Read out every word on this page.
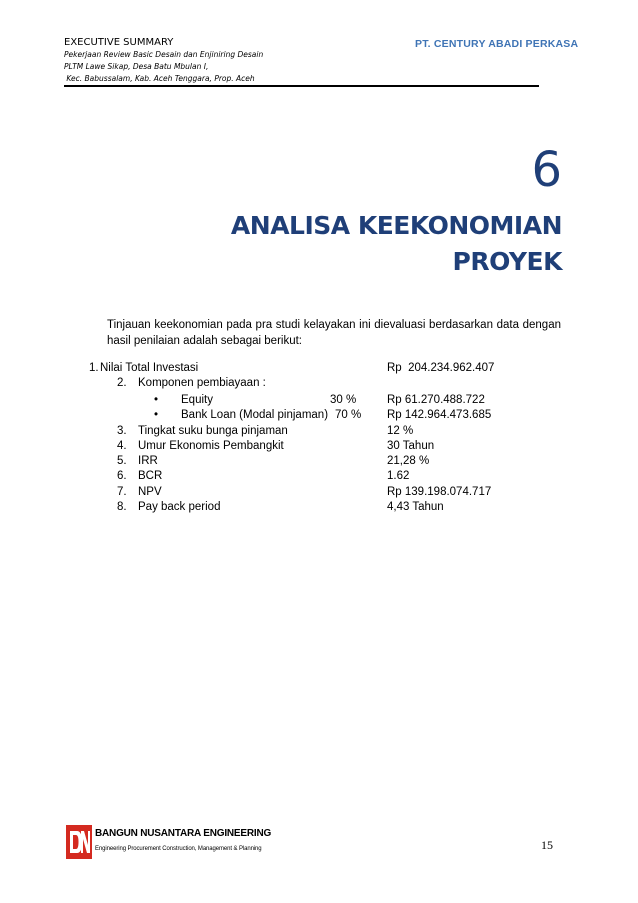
EXECUTIVE SUMMARY
Pekerjaan Review Basic Desain dan Enjiniring Desain
PLTM Lawe Sikap, Desa Batu Mbulan I,
Kec. Babussalam, Kab. Aceh Tenggara, Prop. Aceh
PT. CENTURY ABADI PERKASA
6
ANALISA KEEKONOMIAN
PROYEK
Tinjauan keekonomian pada pra studi kelayakan ini dievaluasi berdasarkan data dengan hasil penilaian adalah sebagai berikut:
1. Nilai Total Investasi	Rp  204.234.962.407
2. Komponen pembiayaan :
• Equity	30 %	Rp 61.270.488.722
• Bank Loan (Modal pinjaman) 70 % Rp 142.964.473.685
3. Tingkat suku bunga pinjaman	12 %
4. Umur Ekonomis Pembangkit	30 Tahun
5. IRR	21,28 %
6. BCR	1.62
7. NPV	Rp 139.198.074.717
8. Pay back period	4,43 Tahun
BANGUN NUSANTARA ENGINEERING
Engineering Procurement Construction, Management & Planning	15
